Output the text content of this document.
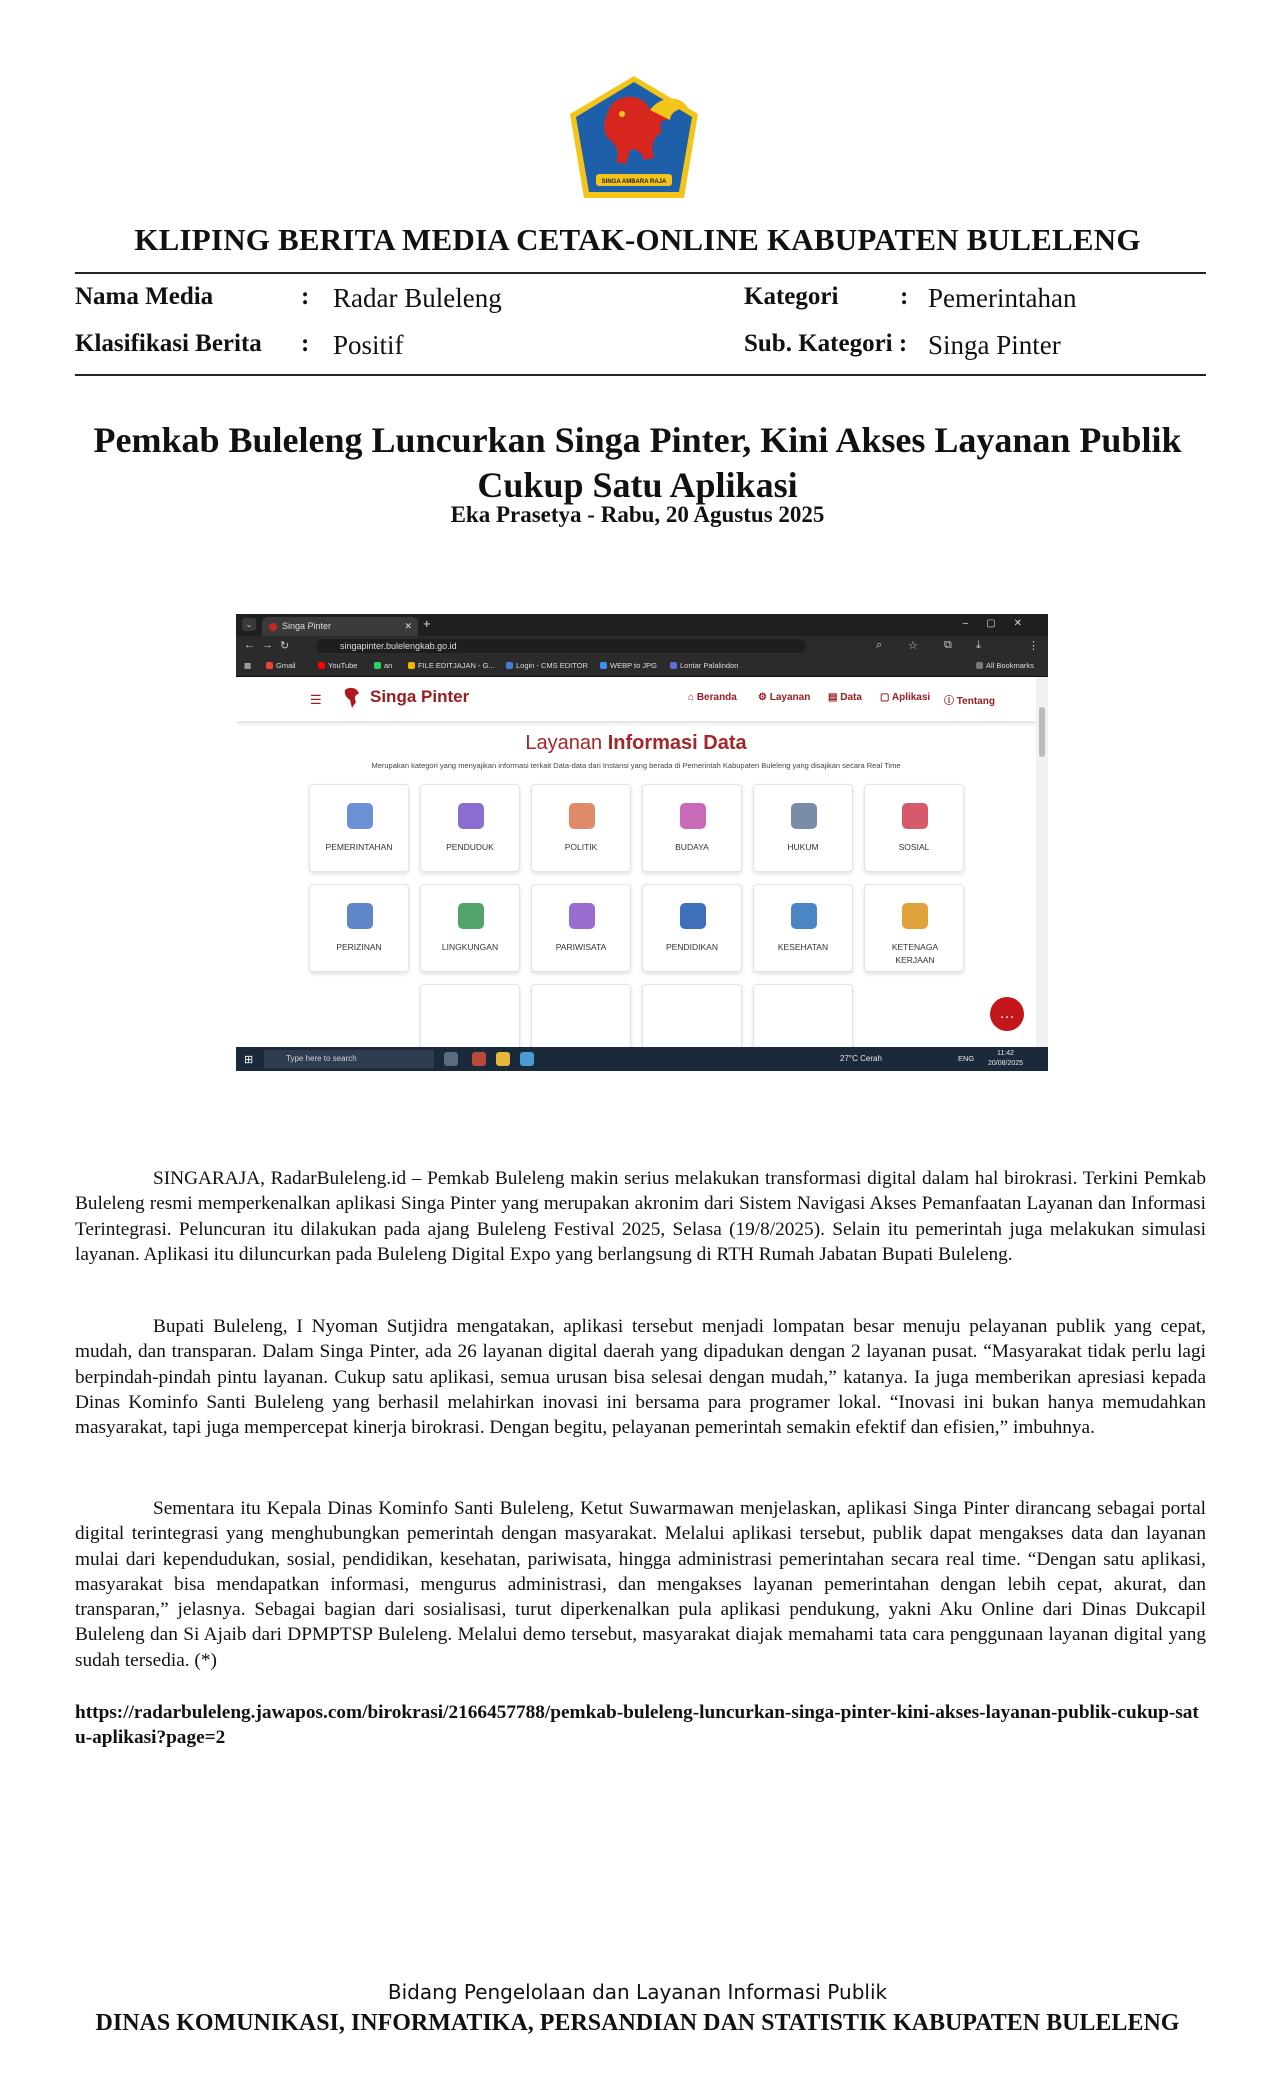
SINGA AMBARA RAJA
KLIPING BERITA MEDIA CETAK-ONLINE KABUPATEN BULELENG
Nama Media	: Radar Buleleng	Kategori : Pemerintahan
Klasifikasi Berita : Positif	Sub. Kategori : Singa Pinter
Pemkab Buleleng Luncurkan Singa Pinter, Kini Akses Layanan Publik Cukup Satu Aplikasi
Eka Prasetya - Rabu, 20 Agustus 2025
⌄	Singa Pinter	✕ +	–▢✕
← → ↻	singapinter.bulelengkab.go.id	⌕ ☆ ⧉ ⤓	⋮
▦	Gmail	YouTube	an	FILE EDITJAJAN - G...	Login - CMS EDITOR	WEBP to JPG	Lontar Palalindon	All Bookmarks
☰	Singa Pinter	⌂ Beranda ⚙ Layanan ▤ Data ▢ Aplikasi ⓘ Tentang
Layanan Informasi Data
Merupakan kategori yang menyajikan informasi terkait Data-data dari Instansi yang berada di Pemerintah Kabupaten Buleleng yang disajikan secara Real Time
PEMERINTAHAN	PENDUDUK	POLITIK	BUDAYA	HUKUM	SOSIAL
PERIZINAN	LINGKUNGAN	PARIWISATA	PENDIDIKAN	KESEHATAN	KETENAGA KERJAAN
…
⊞	Type here to search	27°C Cerah	ENG
11:42
20/08/2025

SINGARAJA, RadarBuleleng.id – Pemkab Buleleng makin serius melakukan transformasi digital dalam hal birokrasi. Terkini Pemkab Buleleng resmi memperkenalkan aplikasi Singa Pinter yang merupakan akronim dari Sistem Navigasi Akses Pemanfaatan Layanan dan Informasi Terintegrasi. Peluncuran itu dilakukan pada ajang Buleleng Festival 2025, Selasa (19/8/2025). Selain itu pemerintah juga melakukan simulasi layanan. Aplikasi itu diluncurkan pada Buleleng Digital Expo yang berlangsung di RTH Rumah Jabatan Bupati Buleleng.

Bupati Buleleng, I Nyoman Sutjidra mengatakan, aplikasi tersebut menjadi lompatan besar menuju pelayanan publik yang cepat, mudah, dan transparan. Dalam Singa Pinter, ada 26 layanan digital daerah yang dipadukan dengan 2 layanan pusat. “Masyarakat tidak perlu lagi berpindah-pindah pintu layanan. Cukup satu aplikasi, semua urusan bisa selesai dengan mudah,” katanya. Ia juga memberikan apresiasi kepada Dinas Kominfo Santi Buleleng yang berhasil melahirkan inovasi ini bersama para programer lokal. “Inovasi ini bukan hanya memudahkan masyarakat, tapi juga mempercepat kinerja birokrasi. Dengan begitu, pelayanan pemerintah semakin efektif dan efisien,” imbuhnya.

Sementara itu Kepala Dinas Kominfo Santi Buleleng, Ketut Suwarmawan menjelaskan, aplikasi Singa Pinter dirancang sebagai portal digital terintegrasi yang menghubungkan pemerintah dengan masyarakat. Melalui aplikasi tersebut, publik dapat mengakses data dan layanan mulai dari kependudukan, sosial, pendidikan, kesehatan, pariwisata, hingga administrasi pemerintahan secara real time. “Dengan satu aplikasi, masyarakat bisa mendapatkan informasi, mengurus administrasi, dan mengakses layanan pemerintahan dengan lebih cepat, akurat, dan transparan,” jelasnya. Sebagai bagian dari sosialisasi, turut diperkenalkan pula aplikasi pendukung, yakni Aku Online dari Dinas Dukcapil Buleleng dan Si Ajaib dari DPMPTSP Buleleng. Melalui demo tersebut, masyarakat diajak memahami tata cara penggunaan layanan digital yang sudah tersedia. (*)

https://radarbuleleng.jawapos.com/birokrasi/2166457788/pemkab-buleleng-luncurkan-singa-pinter-kini-akses-layanan-publik-cukup-satu-aplikasi?page=2
Bidang Pengelolaan dan Layanan Informasi Publik
DINAS KOMUNIKASI, INFORMATIKA, PERSANDIAN DAN STATISTIK KABUPATEN BULELENG
